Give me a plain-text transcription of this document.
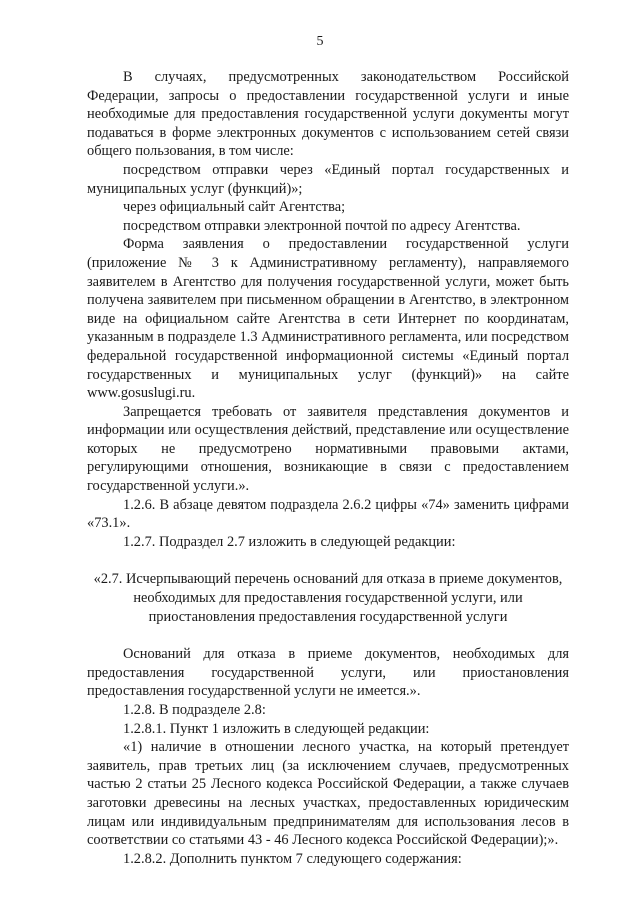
5

В случаях, предусмотренных законодательством Российской Федерации, запросы о предоставлении государственной услуги и иные необходимые для предоставления государственной услуги документы могут подаваться в форме электронных документов с использованием сетей связи общего пользования, в том числе:

посредством отправки через «Единый портал государственных и муниципальных услуг (функций)»;

через официальный сайт Агентства;

посредством отправки электронной почтой по адресу Агентства.

Форма заявления о предоставлении государственной услуги (приложение № 3 к Административному регламенту), направляемого заявителем в Агентство для получения государственной услуги, может быть получена заявителем при письменном обращении в Агентство, в электронном виде на официальном сайте Агентства в сети Интернет по координатам, указанным в подразделе 1.3 Административного регламента, или посредством федеральной государственной информационной системы «Единый портал государственных и муниципальных услуг (функций)» на сайте www.gosuslugi.ru.

Запрещается требовать от заявителя представления документов и информации или осуществления действий, представление или осуществление которых не предусмотрено нормативными правовыми актами, регулирующими отношения, возникающие в связи с предоставлением государственной услуги.».

1.2.6. В абзаце девятом подраздела 2.6.2 цифры «74» заменить цифрами «73.1».

1.2.7. Подраздел 2.7 изложить в следующей редакции:

«2.7. Исчерпывающий перечень оснований для отказа в приеме документов, необходимых для предоставления государственной услуги, или приостановления предоставления государственной услуги

Оснований для отказа в приеме документов, необходимых для предоставления государственной услуги, или приостановления предоставления государственной услуги не имеется.».

1.2.8. В подразделе 2.8:

1.2.8.1. Пункт 1 изложить в следующей редакции:

«1) наличие в отношении лесного участка, на который претендует заявитель, прав третьих лиц (за исключением случаев, предусмотренных частью 2 статьи 25 Лесного кодекса Российской Федерации, а также случаев заготовки древесины на лесных участках, предоставленных юридическим лицам или индивидуальным предпринимателям для использования лесов в соответствии со статьями 43 - 46 Лесного кодекса Российской Федерации);».

1.2.8.2. Дополнить пунктом 7 следующего содержания:
